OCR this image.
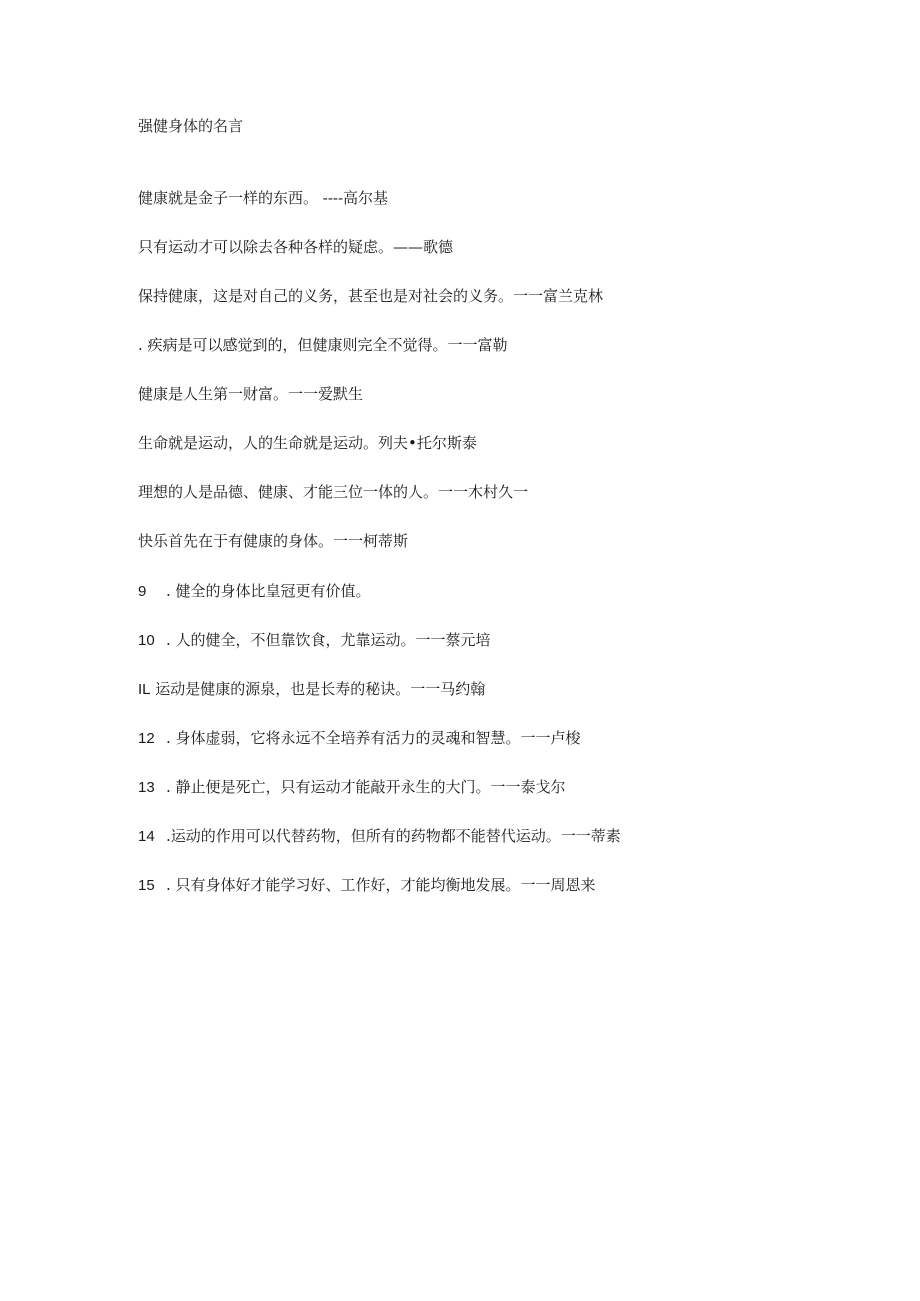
强健身体的名言
健康就是金子一样的东西。 ----高尔基
只有运动才可以除去各种各样的疑虑。——歌德
保持健康，这是对自己的义务，甚至也是对社会的义务。一一富兰克林
. 疾病是可以感觉到的，但健康则完全不觉得。一一富勒
健康是人生第一财富。一一爱默生
生命就是运动，人的生命就是运动。列夫•托尔斯泰
理想的人是品德、健康、才能三位一体的人。一一木村久一
快乐首先在于有健康的身体。一一柯蒂斯
9 . 健全的身体比皇冠更有价值。
10 . 人的健全，不但靠饮食，尤靠运动。一一蔡元培
IL 运动是健康的源泉，也是长寿的秘诀。一一马约翰
12 . 身体虚弱，它将永远不全培养有活力的灵魂和智慧。一一卢梭
13 . 静止便是死亡，只有运动才能敲开永生的大门。一一泰戈尔
14 .运动的作用可以代替药物，但所有的药物都不能替代运动。一一蒂素
15 . 只有身体好才能学习好、工作好，才能均衡地发展。一一周恩来
